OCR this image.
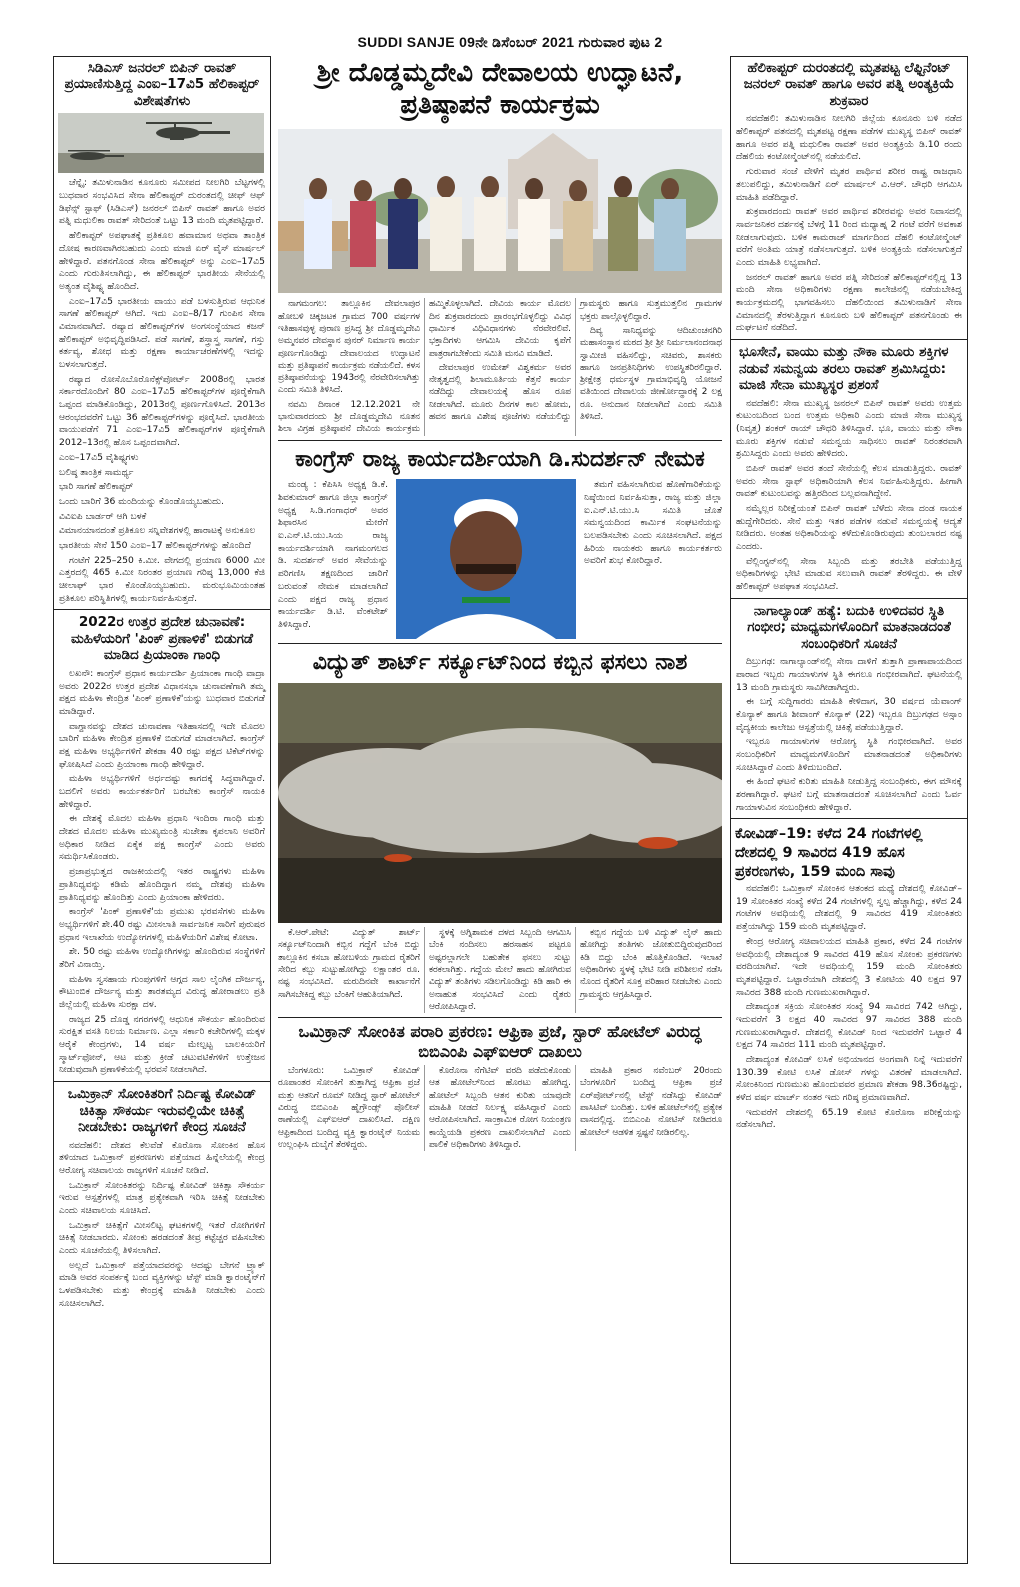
SUDDI SANJE 09ನೇ ಡಿಸೆಂಬರ್ 2021 ಗುರುವಾರ ಪುಟ 2
ಸಿಡಿಎಸ್ ಜನರಲ್ ಬಿಪಿನ್ ರಾವತ್ ಪ್ರಯಾಣಿಸುತ್ತಿದ್ದ ಎಂಐ–17ವಿ5 ಹೆಲಿಕಾಪ್ಟರ್ ವಿಶೇಷತೆಗಳು

ಚೆನ್ನೈ: ತಮಿಳುನಾಡಿನ ಕೂನೂರು ಸಮೀಪದ ನೀಲಗಿರಿ ಬೆಟ್ಟಗಳಲ್ಲಿ ಬುಧವಾರ ಸಂಭವಿಸಿದ ಸೇನಾ ಹೆಲಿಕಾಪ್ಟರ್ ದುರಂತದಲ್ಲಿ ಚೀಫ್ ಆಫ್ ಡಿಫೆನ್ಸ್ ಸ್ಟಾಫ್ (ಸಿಡಿಎಸ್) ಜನರಲ್ ಬಿಪಿನ್ ರಾವತ್ ಹಾಗೂ ಅವರ ಪತ್ನಿ ಮಧುಲಿಕಾ ರಾವತ್ ಸೇರಿದಂತೆ ಒಟ್ಟು 13 ಮಂದಿ ಮೃತಪಟ್ಟಿದ್ದಾರೆ.

ಹೆಲಿಕಾಪ್ಟರ್ ಅಪಘಾತಕ್ಕೆ ಪ್ರತಿಕೂಲ ಹವಾಮಾನ ಅಥವಾ ತಾಂತ್ರಿಕ ದೋಷ ಕಾರಣವಾಗಿರಬಹುದು ಎಂದು ಮಾಜಿ ಏರ್ ವೈಸ್ ಮಾರ್ಷಲ್ ಹೇಳಿದ್ದಾರೆ. ಪತನಗೊಂಡ ಸೇನಾ ಹೆಲಿಕಾಪ್ಟರ್ ಅನ್ನು ಎಂಐ–17ವಿ5 ಎಂದು ಗುರುತಿಸಲಾಗಿದ್ದು, ಈ ಹೆಲಿಕಾಪ್ಟರ್ ಭಾರತೀಯ ಸೇನೆಯಲ್ಲಿ ಅತ್ಯಂತ ವೈಶಿಷ್ಟ್ಯ ಹೊಂದಿದೆ.

ಎಂಐ–17ವಿ5 ಭಾರತೀಯ ವಾಯು ಪಡೆ ಬಳಸುತ್ತಿರುವ ಆಧುನಿಕ ಸಾಗಣೆ ಹೆಲಿಕಾಪ್ಟರ್ ಆಗಿದೆ. ಇದು ಎಂಐ–8/17 ಗುಂಪಿನ ಸೇನಾ ವಿಮಾನವಾಗಿದೆ. ರಷ್ಯಾದ ಹೆಲಿಕಾಪ್ಟರ್‌ಗಳ ಅಂಗಸಂಸ್ಥೆಯಾದ ಕಜನ್ ಹೆಲಿಕಾಪ್ಟರ್ ಅಭಿವೃದ್ಧಿಪಡಿಸಿದೆ. ಪಡೆ ಸಾಗಣೆ, ಶಸ್ತ್ರಾಸ್ತ್ರ ಸಾಗಣೆ, ಗಸ್ತು ಕರ್ತವ್ಯ, ಶೋಧ ಮತ್ತು ರಕ್ಷಣಾ ಕಾರ್ಯಾಚರಣೆಗಳಲ್ಲಿ ಇದನ್ನು ಬಳಸಲಾಗುತ್ತದೆ.

ರಷ್ಯಾದ ರೋಸೊಬೊರೊನೆಕ್ಸ್‌ಪೋರ್ಟ್ 2008ರಲ್ಲಿ ಭಾರತ ಸರ್ಕಾರದೊಂದಿಗೆ 80 ಎಂಐ–17ವಿ5 ಹೆಲಿಕಾಪ್ಟರ್‌ಗಳ ಪೂರೈಕೆಗಾಗಿ ಒಪ್ಪಂದ ಮಾಡಿಕೊಂಡಿದ್ದು, 2013ರಲ್ಲಿ ಪೂರ್ಣಗೊಳಿಸಿದೆ. 2013ರ ಆರಂಭದವರೆಗೆ ಒಟ್ಟು 36 ಹೆಲಿಕಾಪ್ಟರ್‌ಗಳನ್ನು ಪೂರೈಸಿದೆ. ಭಾರತೀಯ ವಾಯುಪಡೆಗೆ 71 ಎಂಐ–17ವಿ5 ಹೆಲಿಕಾಪ್ಟರ್‌ಗಳ ಪೂರೈಕೆಗಾಗಿ 2012–13ರಲ್ಲಿ ಹೊಸ ಒಪ್ಪಂದವಾಗಿದೆ.

ಎಂಐ–17ವಿ5 ವೈಶಿಷ್ಟ್ಯಗಳು

ಬಲಿಷ್ಠ ತಾಂತ್ರಿಕ ಸಾಮರ್ಥ್ಯ

ಭಾರಿ ಸಾಗಣೆ ಹೆಲಿಕಾಪ್ಟರ್

ಒಂದು ಬಾರಿಗೆ 36 ಮಂದಿಯನ್ನು ಕೊಂಡೊಯ್ಯಬಹುದು.

ವಿವಿಐಪಿ ಬಾರ್ಡರ್ ಆಗಿ ಬಳಕೆ

ವಿಮಾನಯಾನದಂತೆ ಪ್ರತಿಕೂಲ ಸನ್ನಿವೇಶಗಳಲ್ಲಿ ಹಾರಾಟಕ್ಕೆ ಅನುಕೂಲ

ಭಾರತೀಯ ಸೇನೆ 150 ಎಂಐ–17 ಹೆಲಿಕಾಪ್ಟರ್‌ಗಳನ್ನು ಹೊಂದಿದೆ

ಗಂಟೆಗೆ 225–250 ಕಿ.ಮೀ. ವೇಗದಲ್ಲಿ ಪ್ರಯಾಣ 6000 ಮೀ ಎತ್ತರದಲ್ಲಿ 465 ಕಿ.ಮೀ ನಿರಂತರ ಪ್ರಯಾಣ ಗರಿಷ್ಠ 13,000 ಕೆಜಿ ಚೀಲಾಘ್ ಭಾರ ಕೊಂಡೊಯ್ಯಬಹುದು. ಮರುಭೂಮಿಯಂತಹ ಪ್ರತಿಕೂಲ ಪರಿಸ್ಥಿತಿಗಳಲ್ಲಿ ಕಾರ್ಯನಿರ್ವಹಿಸುತ್ತದೆ.

2022ರ ಉತ್ತರ ಪ್ರದೇಶ ಚುನಾವಣೆ: ಮಹಿಳೆಯರಿಗೆ 'ಪಿಂಕ್ ಪ್ರಣಾಳಿಕೆ' ಬಿಡುಗಡೆ ಮಾಡಿದ ಪ್ರಿಯಾಂಕಾ ಗಾಂಧಿ

ಲಖನೌ: ಕಾಂಗ್ರೆಸ್ ಪ್ರಧಾನ ಕಾರ್ಯದರ್ಶಿ ಪ್ರಿಯಾಂಕಾ ಗಾಂಧಿ ವಾದ್ರಾ ಅವರು 2022ರ ಉತ್ತರ ಪ್ರದೇಶ ವಿಧಾನಸಭಾ ಚುನಾವಣೆಗಾಗಿ ತಮ್ಮ ಪಕ್ಷದ ಮಹಿಳಾ ಕೇಂದ್ರಿತ 'ಪಿಂಕ್ ಪ್ರಣಾಳಿಕೆ'ಯನ್ನು ಬುಧವಾರ ಬಿಡುಗಡೆ ಮಾಡಿದ್ದಾರೆ.

ವಾಗ್ದಾನವನ್ನು ದೇಶದ ಚುನಾವಣಾ ಇತಿಹಾಸದಲ್ಲಿ ಇದೇ ಮೊದಲ ಬಾರಿಗೆ ಮಹಿಳಾ ಕೇಂದ್ರಿತ ಪ್ರಣಾಳಿಕೆ ಬಿಡುಗಡೆ ಮಾಡಲಾಗಿದೆ. ಕಾಂಗ್ರೆಸ್ ಪಕ್ಷ ಮಹಿಳಾ ಅಭ್ಯರ್ಥಿಗಳಿಗೆ ಶೇಕಡಾ 40 ರಷ್ಟು ಪಕ್ಷದ ಟಿಕೆಟ್‌ಗಳನ್ನು ಘೋಷಿಸಿದೆ ಎಂದು ಪ್ರಿಯಾಂಕಾ ಗಾಂಧಿ ಹೇಳಿದ್ದಾರೆ.

ಮಹಿಳಾ ಅಭ್ಯರ್ಥಿಗಳಿಗೆ ಅರ್ಧದಷ್ಟು ಕಾಗದಕ್ಕೆ ಸಿದ್ಧವಾಗಿದ್ದಾರೆ. ಬದಲಿಗೆ ಅವರು ಕಾರ್ಯಕರ್ತರಿಗೆ ಬರಬೇಕು ಕಾಂಗ್ರೆಸ್ ನಾಯಕಿ ಹೇಳಿದ್ದಾರೆ.

ಈ ದೇಶಕ್ಕೆ ಮೊದಲ ಮಹಿಳಾ ಪ್ರಧಾನಿ ಇಂದಿರಾ ಗಾಂಧಿ ಮತ್ತು ದೇಶದ ಮೊದಲ ಮಹಿಳಾ ಮುಖ್ಯಮಂತ್ರಿ ಸುಚೇತಾ ಕೃಪಲಾನಿ ಅವರಿಗೆ ಅಧಿಕಾರ ನೀಡಿದ ಏಕೈಕ ಪಕ್ಷ ಕಾಂಗ್ರೆಸ್ ಎಂದು ಅವರು ಸಮರ್ಥಿಸಿಕೊಂಡರು.

ಪ್ರಜಾಪ್ರಭುತ್ವದ ರಾಜಕೀಯದಲ್ಲಿ ಇತರ ರಾಷ್ಟ್ರಗಳು ಮಹಿಳಾ ಪ್ರಾತಿನಿಧ್ಯವನ್ನು ಕಡಿಮೆ ಹೊಂದಿದ್ದಾಗ ನಮ್ಮ ದೇಶವು ಮಹಿಳಾ ಪ್ರಾತಿನಿಧ್ಯವನ್ನು ಹೊಂದಿತ್ತು ಎಂದು ಪ್ರಿಯಾಂಕಾ ಹೇಳಿದರು.

ಕಾಂಗ್ರೆಸ್ 'ಪಿಂಕ್ ಪ್ರಣಾಳಿಕೆ'ಯ ಪ್ರಮುಖ ಭರವಸೆಗಳು ಮಹಿಳಾ ಅಭ್ಯರ್ಥಿಗಳಿಗೆ ಶೇ.40 ರಷ್ಟು ಮೀಸಲಾತಿ ಸಾರ್ವಜನಿಕ ಸಾರಿಗೆ ಪುರುಷರ ಪ್ರಧಾನ ಇಲಾಖೆಯ ಉದ್ಯೋಗಗಳಲ್ಲಿ ಮಹಿಳೆಯರಿಗೆ ವಿಶೇಷ ಕೋಟಾ.

ಶೇ. 50 ರಷ್ಟು ಮಹಿಳಾ ಉದ್ಯೋಗಿಗಳನ್ನು ಹೊಂದಿರುವ ಸಂಸ್ಥೆಗಳಿಗೆ ತೆರಿಗೆ ವಿನಾಯ್ತಿ.

ಮಹಿಳಾ ಸ್ವಸಹಾಯ ಗುಂಪುಗಳಿಗೆ ಆಗ್ಗದ ಸಾಲ ಲೈಂಗಿಕ ದೌರ್ಜನ್ಯ, ಕೌಟುಂಬಿಕ ದೌರ್ಜನ್ಯ ಮತ್ತು ತಾರತಮ್ಯದ ವಿರುದ್ಧ ಹೋರಾಡಲು ಪ್ರತಿ ಜಿಲ್ಲೆಯಲ್ಲಿ ಮಹಿಳಾ ಸುರಕ್ಷಾ ದಳ.

ರಾಜ್ಯದ 25 ದೊಡ್ಡ ನಗರಗಳಲ್ಲಿ ಆಧುನಿಕ ಸೌಕರ್ಯ ಹೊಂದಿರುವ ಸುರಕ್ಷಿತ ವಸತಿ ನಿಲಯ ನಿರ್ಮಾಣ. ಎಲ್ಲಾ ಸರ್ಕಾರಿ ಕಚೇರಿಗಳಲ್ಲಿ ಮಕ್ಕಳ ಆರೈಕೆ ಕೇಂದ್ರಗಳು, 14 ವರ್ಷ ಮೇಲ್ಪಟ್ಟ ಬಾಲಕಿಯರಿಗೆ ಸ್ಮಾರ್ಟ್‌ಫೋನ್, ಆಟ ಮತ್ತು ಕ್ರೀಡೆ ಚಟುವಟಿಕೆಗಳಿಗೆ ಉತ್ತೇಜನ ನೀಡುವುದಾಗಿ ಪ್ರಣಾಳಿಕೆಯಲ್ಲಿ ಭರವಸೆ ನೀಡಲಾಗಿದೆ.

ಒಮಿಕ್ರಾನ್ ಸೋಂಕಿತರಿಗೆ ನಿರ್ದಿಷ್ಟ ಕೋವಿಡ್ ಚಿಕಿತ್ಸಾ ಸೌಕರ್ಯ ಇರುವಲ್ಲಿಯೇ ಚಿಕಿತ್ಸೆ ನೀಡಬೇಕು: ರಾಜ್ಯಗಳಿಗೆ ಕೇಂದ್ರ ಸೂಚನೆ

ನವದೆಹಲಿ: ದೇಶದ ಕೆಲವೆಡೆ ಕೊರೊನಾ ಸೋಂಕಿನ ಹೊಸ ತಳಿಯಾದ ಒಮಿಕ್ರಾನ್ ಪ್ರಕರಣಗಳು ಪತ್ತೆಯಾದ ಹಿನ್ನೆಲೆಯಲ್ಲಿ ಕೇಂದ್ರ ಆರೋಗ್ಯ ಸಚಿವಾಲಯ ರಾಜ್ಯಗಳಿಗೆ ಸೂಚನೆ ನೀಡಿದೆ.

ಒಮಿಕ್ರಾನ್ ಸೋಂಕಿತರನ್ನು ನಿರ್ದಿಷ್ಟ ಕೋವಿಡ್ ಚಿಕಿತ್ಸಾ ಸೌಕರ್ಯ ಇರುವ ಆಸ್ಪತ್ರೆಗಳಲ್ಲಿ ಮಾತ್ರ ಪ್ರತ್ಯೇಕವಾಗಿ ಇರಿಸಿ ಚಿಕಿತ್ಸೆ ನೀಡಬೇಕು ಎಂದು ಸಚಿವಾಲಯ ಸೂಚಿಸಿದೆ.

ಒಮಿಕ್ರಾನ್ ಚಿಕಿತ್ಸೆಗೆ ಮೀಸಲಿಟ್ಟ ಘಟಕಗಳಲ್ಲಿ ಇತರೆ ರೋಗಿಗಳಿಗೆ ಚಿಕಿತ್ಸೆ ನೀಡಬಾರದು. ಸೋಂಕು ಹರಡದಂತೆ ತೀವ್ರ ಕಟ್ಟೆಚ್ಚರ ವಹಿಸಬೇಕು ಎಂದು ಸೂಚನೆಯಲ್ಲಿ ತಿಳಿಸಲಾಗಿದೆ.

ಅಲ್ಲದೆ ಒಮಿಕ್ರಾನ್ ಪತ್ತೆಯಾದವರನ್ನು ಆದಷ್ಟು ಬೇಗನೆ ಟ್ರ್ಯಾಕ್ ಮಾಡಿ ಅವರ ಸಂಪರ್ಕಕ್ಕೆ ಬಂದ ವ್ಯಕ್ತಿಗಳನ್ನು ಟೆಸ್ಟ್ ಮಾಡಿ ಕ್ವಾರಂಟೈನ್‌ಗೆ ಒಳಪಡಿಸಬೇಕು ಮತ್ತು ಕೇಂದ್ರಕ್ಕೆ ಮಾಹಿತಿ ನೀಡಬೇಕು ಎಂದು ಸೂಚಿಸಲಾಗಿದೆ.

ಶ್ರೀ ದೊಡ್ಡಮ್ಮದೇವಿ ದೇವಾಲಯ ಉದ್ಘಾಟನೆ, ಪ್ರತಿಷ್ಠಾಪನೆ ಕಾರ್ಯಕ್ರಮ

ನಾಗಮಂಗಲ: ತಾಲ್ಲೂಕಿನ ದೇವಲಾಪುರ ಹೋಬಳಿ ಚಿಕ್ಕಜಟಕ ಗ್ರಾಮದ 700 ವರ್ಷಗಳ ಇತಿಹಾಸವುಳ್ಳ ಪುರಾಣ ಪ್ರಸಿದ್ಧ ಶ್ರೀ ದೊಡ್ಡಮ್ಮದೇವಿ ಅಮ್ಮನವರ ದೇವಸ್ಥಾನ ಪುನರ್ ನಿರ್ಮಾಣ ಕಾರ್ಯ ಪೂರ್ಣಗೊಂಡಿದ್ದು ದೇವಾಲಯದ ಉದ್ಘಾಟನೆ ಮತ್ತು ಪ್ರತಿಷ್ಠಾಪನೆ ಕಾರ್ಯಕ್ರಮ ನಡೆಯಲಿದೆ. ಕಳಸ ಪ್ರತಿಷ್ಠಾಪನೆಯನ್ನು 1943ರಲ್ಲಿ ನೆರವೇರಿಸಲಾಗಿತ್ತು ಎಂದು ಸಮಿತಿ ತಿಳಿಸಿದೆ.

ನವಮಿ ದಿನಾಂಕ 12.12.2021 ನೇ ಭಾನುವಾರದಂದು ಶ್ರೀ ದೊಡ್ಡಮ್ಮದೇವಿ ನೂತನ ಶಿಲಾ ವಿಗ್ರಹ ಪ್ರತಿಷ್ಠಾಪನೆ ದೇವಿಯ ಕಾರ್ಯಕ್ರಮ ಹಮ್ಮಿಕೊಳ್ಳಲಾಗಿದೆ. ದೇವಿಯ ಕಾರ್ಯ ಮೊದಲ ದಿನ ಶುಕ್ರವಾರದಂದು ಪ್ರಾರಂಭಗೊಳ್ಳಲಿದ್ದು ವಿವಿಧ ಧಾರ್ಮಿಕ ವಿಧಿವಿಧಾನಗಳು ನೆರವೇರಲಿವೆ. ಭಕ್ತಾದಿಗಳು ಆಗಮಿಸಿ ದೇವಿಯ ಕೃಪೆಗೆ ಪಾತ್ರರಾಗಬೇಕೆಂದು ಸಮಿತಿ ಮನವಿ ಮಾಡಿದೆ.

ದೇವಲಾಪುರ ಉಮೇಶ್ ವಿಶ್ವಕರ್ಮ ಅವರ ನೇತೃತ್ವದಲ್ಲಿ ಶಿಲಾಮೂರ್ತಿಯ ಕೆತ್ತನೆ ಕಾರ್ಯ ನಡೆದಿದ್ದು ದೇವಾಲಯಕ್ಕೆ ಹೊಸ ರೂಪ ನೀಡಲಾಗಿದೆ. ಮೂರು ದಿನಗಳ ಕಾಲ ಹೋಮ, ಹವನ ಹಾಗೂ ವಿಶೇಷ ಪೂಜೆಗಳು ನಡೆಯಲಿದ್ದು ಗ್ರಾಮಸ್ಥರು ಹಾಗೂ ಸುತ್ತಮುತ್ತಲಿನ ಗ್ರಾಮಗಳ ಭಕ್ತರು ಪಾಲ್ಗೊಳ್ಳಲಿದ್ದಾರೆ.

ದಿವ್ಯ ಸಾನಿಧ್ಯವನ್ನು ಆದಿಚುಂಚನಗಿರಿ ಮಹಾಸಂಸ್ಥಾನ ಮಠದ ಶ್ರೀ ಶ್ರೀ ನಿರ್ಮಲಾನಂದನಾಥ ಸ್ವಾಮೀಜಿ ವಹಿಸಲಿದ್ದು, ಸಚಿವರು, ಶಾಸಕರು ಹಾಗೂ ಜನಪ್ರತಿನಿಧಿಗಳು ಉಪಸ್ಥಿತರಿರಲಿದ್ದಾರೆ. ಶ್ರೀಕ್ಷೇತ್ರ ಧರ್ಮಸ್ಥಳ ಗ್ರಾಮಾಭಿವೃದ್ಧಿ ಯೋಜನೆ ವತಿಯಿಂದ ದೇವಾಲಯ ಜೀರ್ಣೋದ್ಧಾರಕ್ಕೆ 2 ಲಕ್ಷ ರೂ. ಅನುದಾನ ನೀಡಲಾಗಿದೆ ಎಂದು ಸಮಿತಿ ತಿಳಿಸಿದೆ.

ಕಾಂಗ್ರೆಸ್ ರಾಜ್ಯ ಕಾರ್ಯದರ್ಶಿಯಾಗಿ ಡಿ.ಸುದರ್ಶನ್ ನೇಮಕ

ಮಂಡ್ಯ : ಕೆಪಿಸಿಸಿ ಅಧ್ಯಕ್ಷ ಡಿ.ಕೆ. ಶಿವಕುಮಾರ್ ಹಾಗೂ ಜಿಲ್ಲಾ ಕಾಂಗ್ರೆಸ್ ಅಧ್ಯಕ್ಷ ಸಿ.ಡಿ.ಗಂಗಾಧರ್ ಅವರ ಶಿಫಾರಸಿನ ಮೇರೆಗೆ ಐ.ಎನ್.ಟಿ.ಯು.ಸಿಯ ರಾಜ್ಯ ಕಾರ್ಯದರ್ಶಿಯಾಗಿ ನಾಗಮಂಗಲದ ಡಿ. ಸುದರ್ಶನ್ ಅವರ ಸೇವೆಯನ್ನು ಪರಿಗಣಿಸಿ ತಕ್ಷಣದಿಂದ ಜಾರಿಗೆ ಬರುವಂತೆ ನೇಮಕ ಮಾಡಲಾಗಿದೆ ಎಂದು ಪಕ್ಷದ ರಾಜ್ಯ ಪ್ರಧಾನ ಕಾರ್ಯದರ್ಶಿ ಡಿ.ಟಿ. ವೆಂಕಟೇಶ್ ತಿಳಿಸಿದ್ದಾರೆ.

ತಮಗೆ ವಹಿಸಲಾಗಿರುವ ಹೊಣೆಗಾರಿಕೆಯನ್ನು ನಿಷ್ಠೆಯಿಂದ ನಿರ್ವಹಿಸುತ್ತಾ, ರಾಜ್ಯ ಮತ್ತು ಜಿಲ್ಲಾ ಐ.ಎನ್.ಟಿ.ಯು.ಸಿ ಸಮಿತಿ ಜೊತೆ ಸಮನ್ವಯದಿಂದ ಕಾರ್ಮಿಕ ಸಂಘಟನೆಯನ್ನು ಬಲಪಡಿಸಬೇಕು ಎಂದು ಸೂಚಿಸಲಾಗಿದೆ. ಪಕ್ಷದ ಹಿರಿಯ ನಾಯಕರು ಹಾಗೂ ಕಾರ್ಯಕರ್ತರು ಅವರಿಗೆ ಶುಭ ಕೋರಿದ್ದಾರೆ.

ವಿದ್ಯುತ್ ಶಾರ್ಟ್ ಸರ್ಕ್ಯೂಟ್‌ನಿಂದ ಕಬ್ಬಿನ ಫಸಲು ನಾಶ

ಕೆ.ಆರ್.ಪೇಟೆ: ವಿದ್ಯುತ್ ಶಾರ್ಟ್ ಸರ್ಕ್ಯೂಟ್‌ನಿಂದಾಗಿ ಕಬ್ಬಿನ ಗದ್ದೆಗೆ ಬೆಂಕಿ ಬಿದ್ದು ತಾಲ್ಲೂಕಿನ ಕಸಬಾ ಹೋಬಳಿಯ ಗ್ರಾಮದ ರೈತರಿಗೆ ಸೇರಿದ ಕಬ್ಬು ಸುಟ್ಟುಹೋಗಿದ್ದು ಲಕ್ಷಾಂತರ ರೂ. ನಷ್ಟ ಸಂಭವಿಸಿದೆ. ಮರುದಿನವೇ ಕಾರ್ಖಾನೆಗೆ ಸಾಗಿಸಬೇಕಿದ್ದ ಕಬ್ಬು ಬೆಂಕಿಗೆ ಆಹುತಿಯಾಗಿದೆ.

ಸ್ಥಳಕ್ಕೆ ಅಗ್ನಿಶಾಮಕ ದಳದ ಸಿಬ್ಬಂದಿ ಆಗಮಿಸಿ ಬೆಂಕಿ ನಂದಿಸಲು ಹರಸಾಹಸ ಪಟ್ಟರೂ ಅಷ್ಟರಲ್ಲಾಗಲೇ ಬಹುತೇಕ ಫಸಲು ಸುಟ್ಟು ಕರಕಲಾಗಿತ್ತು. ಗದ್ದೆಯ ಮೇಲೆ ಹಾದು ಹೋಗಿರುವ ವಿದ್ಯುತ್ ತಂತಿಗಳು ಸಡಿಲಗೊಂಡಿದ್ದು ಕಿಡಿ ಹಾರಿ ಈ ಅನಾಹುತ ಸಂಭವಿಸಿದೆ ಎಂದು ರೈತರು ಆರೋಪಿಸಿದ್ದಾರೆ.

ಕಬ್ಬಿನ ಗದ್ದೆಯ ಬಳಿ ವಿದ್ಯುತ್ ಲೈನ್ ಹಾದು ಹೋಗಿದ್ದು ತಂತಿಗಳು ಜೋತುಬಿದ್ದಿರುವುದರಿಂದ ಕಿಡಿ ಬಿದ್ದು ಬೆಂಕಿ ಹೊತ್ತಿಕೊಂಡಿದೆ. ಇಲಾಖೆ ಅಧಿಕಾರಿಗಳು ಸ್ಥಳಕ್ಕೆ ಭೇಟಿ ನೀಡಿ ಪರಿಶೀಲನೆ ನಡೆಸಿ ನೊಂದ ರೈತರಿಗೆ ಸೂಕ್ತ ಪರಿಹಾರ ನೀಡಬೇಕು ಎಂದು ಗ್ರಾಮಸ್ಥರು ಆಗ್ರಹಿಸಿದ್ದಾರೆ.

ಒಮಿಕ್ರಾನ್ ಸೋಂಕಿತ ಪರಾರಿ ಪ್ರಕರಣ: ಆಫ್ರಿಕಾ ಪ್ರಜೆ, ಸ್ಟಾರ್ ಹೋಟೆಲ್ ವಿರುದ್ಧ ಬಿಬಿಎಂಪಿ ಎಫ್‌ಐಆರ್ ದಾಖಲು

ಬೆಂಗಳೂರು: ಒಮಿಕ್ರಾನ್ ಕೋವಿಡ್ ರೂಪಾಂತರ ಸೋಂಕಿಗೆ ತುತ್ತಾಗಿದ್ದ ಆಫ್ರಿಕಾ ಪ್ರಜೆ ಮತ್ತು ಆತನಿಗೆ ರೂಮ್ ನೀಡಿದ್ದ ಸ್ಟಾರ್ ಹೋಟೆಲ್ ವಿರುದ್ಧ ಬಿಬಿಎಂಪಿ ಹೈಗ್ರೌಂಡ್ಸ್ ಪೊಲೀಸ್ ಠಾಣೆಯಲ್ಲಿ ಎಫ್‌ಐಆರ್ ದಾಖಲಿಸಿದೆ. ದಕ್ಷಿಣ ಆಫ್ರಿಕಾದಿಂದ ಬಂದಿದ್ದ ವ್ಯಕ್ತಿ ಕ್ವಾರಂಟೈನ್ ನಿಯಮ ಉಲ್ಲಂಘಿಸಿ ದುಬೈಗೆ ತೆರಳಿದ್ದರು.

ಕೊರೊನಾ ನೆಗೆಟಿವ್ ವರದಿ ಪಡೆದುಕೊಂಡು ಆತ ಹೋಟೆಲ್‌ನಿಂದ ಹೊರಟು ಹೋಗಿದ್ದ. ಹೋಟೆಲ್ ಸಿಬ್ಬಂದಿ ಆತನ ಕುರಿತು ಯಾವುದೇ ಮಾಹಿತಿ ನೀಡದೆ ನಿರ್ಲಕ್ಷ್ಯ ವಹಿಸಿದ್ದಾರೆ ಎಂದು ಆರೋಪಿಸಲಾಗಿದೆ. ಸಾಂಕ್ರಾಮಿಕ ರೋಗ ನಿಯಂತ್ರಣ ಕಾಯ್ದೆಯಡಿ ಪ್ರಕರಣ ದಾಖಲಿಸಲಾಗಿದೆ ಎಂದು ಪಾಲಿಕೆ ಅಧಿಕಾರಿಗಳು ತಿಳಿಸಿದ್ದಾರೆ.

ಮಾಹಿತಿ ಪ್ರಕಾರ ನವೆಂಬರ್ 20ರಂದು ಬೆಂಗಳೂರಿಗೆ ಬಂದಿದ್ದ ಆಫ್ರಿಕಾ ಪ್ರಜೆ ಏರ್‌ಪೋರ್ಟ್‌ನಲ್ಲಿ ಟೆಸ್ಟ್ ನಡೆಸಿದ್ದು ಕೋವಿಡ್ ಪಾಸಿಟಿವ್ ಬಂದಿತ್ತು. ಬಳಿಕ ಹೋಟೆಲ್‌ನಲ್ಲಿ ಪ್ರತ್ಯೇಕ ವಾಸದಲ್ಲಿದ್ದ. ಬಿಬಿಎಂಪಿ ನೋಟಿಸ್ ನೀಡಿದರೂ ಹೋಟೆಲ್ ಆಡಳಿತ ಸ್ಪಷ್ಟನೆ ನೀಡಿರಲಿಲ್ಲ.

ಹೆಲಿಕಾಪ್ಟರ್ ದುರಂತದಲ್ಲಿ ಮೃತಪಟ್ಟ ಲೆಫ್ಟಿನೆಂಟ್ ಜನರಲ್ ರಾವತ್ ಹಾಗೂ ಅವರ ಪತ್ನಿ ಅಂತ್ಯಕ್ರಿಯೆ ಶುಕ್ರವಾರ

ನವದೆಹಲಿ: ತಮಿಳುನಾಡಿನ ನೀಲಗಿರಿ ಜಿಲ್ಲೆಯ ಕೂನೂರು ಬಳಿ ನಡೆದ ಹೆಲಿಕಾಪ್ಟರ್ ಪತನದಲ್ಲಿ ಮೃತಪಟ್ಟ ರಕ್ಷಣಾ ಪಡೆಗಳ ಮುಖ್ಯಸ್ಥ ಬಿಪಿನ್ ರಾವತ್ ಹಾಗೂ ಅವರ ಪತ್ನಿ ಮಧುಲಿಕಾ ರಾವತ್ ಅವರ ಅಂತ್ಯಕ್ರಿಯೆ ಡಿ.10 ರಂದು ದೆಹಲಿಯ ಕಂಟೋನ್ಮೆಂಟ್‌ನಲ್ಲಿ ನಡೆಯಲಿದೆ.

ಗುರುವಾರ ಸಂಜೆ ವೇಳೆಗೆ ಮೃತರ ಪಾರ್ಥಿವ ಶರೀರ ರಾಷ್ಟ್ರ ರಾಜಧಾನಿ ತಲುಪಲಿದ್ದು, ತಮಿಳುನಾಡಿಗೆ ಏರ್ ಮಾರ್ಷಲ್ ವಿ.ಆರ್. ಚೌಧರಿ ಆಗಮಿಸಿ ಮಾಹಿತಿ ಪಡೆದಿದ್ದಾರೆ.

ಶುಕ್ರವಾರದಂದು ರಾವತ್ ಅವರ ಪಾರ್ಥಿವ ಶರೀರವನ್ನು ಅವರ ನಿವಾಸದಲ್ಲಿ ಸಾರ್ವಜನಿಕರ ದರ್ಶನಕ್ಕೆ ಬೆಳಗ್ಗೆ 11 ರಿಂದ ಮಧ್ಯಾಹ್ನ 2 ಗಂಟೆ ವರೆಗೆ ಅವಕಾಶ ನೀಡಲಾಗುವುದು. ಬಳಿಕ ಕಾಮರಾಜ್ ಮಾರ್ಗದಿಂದ ದೆಹಲಿ ಕಂಟೋನ್ಮೆಂಟ್ ವರೆಗೆ ಅಂತಿಮ ಯಾತ್ರೆ ನಡೆಸಲಾಗುತ್ತದೆ. ಬಳಿಕ ಅಂತ್ಯಕ್ರಿಯೆ ನಡೆಸಲಾಗುತ್ತದೆ ಎಂದು ಮಾಹಿತಿ ಲಭ್ಯವಾಗಿದೆ.

ಜನರಲ್ ರಾವತ್ ಹಾಗೂ ಅವರ ಪತ್ನಿ ಸೇರಿದಂತೆ ಹೆಲಿಕಾಪ್ಟರ್‌ನಲ್ಲಿದ್ದ 13 ಮಂದಿ ಸೇನಾ ಅಧಿಕಾರಿಗಳು ರಕ್ಷಣಾ ಕಾಲೇಜಿನಲ್ಲಿ ನಡೆಯಬೇಕಿದ್ದ ಕಾರ್ಯಕ್ರಮದಲ್ಲಿ ಭಾಗವಹಿಸಲು ದೆಹಲಿಯಿಂದ ತಮಿಳುನಾಡಿಗೆ ಸೇನಾ ವಿಮಾನದಲ್ಲಿ ತೆರಳುತ್ತಿದ್ದಾಗ ಕೂನೂರು ಬಳಿ ಹೆಲಿಕಾಪ್ಟರ್ ಪತನಗೊಂಡು ಈ ದುರ್ಘಟನೆ ನಡೆದಿದೆ.

ಭೂಸೇನೆ, ವಾಯು ಮತ್ತು ನೌಕಾ ಮೂರು ಶಕ್ತಿಗಳ ನಡುವೆ ಸಮನ್ವಯ ತರಲು ರಾವತ್ ಶ್ರಮಿಸಿದ್ದರು: ಮಾಜಿ ಸೇನಾ ಮುಖ್ಯಸ್ಥರ ಪ್ರಶಂಸೆ

ನವದೆಹಲಿ: ಸೇನಾ ಮುಖ್ಯಸ್ಥ ಜನರಲ್ ಬಿಪಿನ್ ರಾವತ್ ಅವರು ಉತ್ತಮ ಕುಟುಂಬದಿಂದ ಬಂದ ಉತ್ತಮ ಅಧಿಕಾರಿ ಎಂದು ಮಾಜಿ ಸೇನಾ ಮುಖ್ಯಸ್ಥ (ನಿವೃತ್ತ) ಶಂಕರ್ ರಾಯ್ ಚೌಧರಿ ತಿಳಿಸಿದ್ದಾರೆ. ಭೂ, ವಾಯು ಮತ್ತು ನೌಕಾ ಮೂರು ಶಕ್ತಿಗಳ ನಡುವೆ ಸಮನ್ವಯ ಸಾಧಿಸಲು ರಾವತ್ ನಿರಂತರವಾಗಿ ಶ್ರಮಿಸಿದ್ದರು ಎಂದು ಅವರು ಹೇಳಿದರು.

ಬಿಪಿನ್ ರಾವತ್ ಅವರ ತಂದೆ ಸೇನೆಯಲ್ಲಿ ಕೆಲಸ ಮಾಡುತ್ತಿದ್ದರು. ರಾವತ್ ಅವರು ಸೇನಾ ಸ್ಟಾಫ್ ಅಧಿಕಾರಿಯಾಗಿ ಕೆಲಸ ನಿರ್ವಹಿಸುತ್ತಿದ್ದರು. ಹೀಗಾಗಿ ರಾವತ್ ಕುಟುಂಬವನ್ನು ಹತ್ತಿರದಿಂದ ಬಲ್ಲವನಾಗಿದ್ದೇನೆ.

ನಮ್ಮೆಲ್ಲರ ನಿರೀಕ್ಷೆಯಂತೆ ಬಿಪಿನ್ ರಾವತ್ ಬೆಳೆದು ಸೇನಾ ದಂಡ ನಾಯಕ ಹುದ್ದೆಗೇರಿದರು. ಸೇನೆ ಮತ್ತು ಇತರ ಪಡೆಗಳ ನಡುವೆ ಸಮನ್ವಯಕ್ಕೆ ಆದ್ಯತೆ ನೀಡಿದರು. ಅಂತಹ ಅಧಿಕಾರಿಯನ್ನು ಕಳೆದುಕೊಂಡಿರುವುದು ತುಂಬಲಾರದ ನಷ್ಟ ಎಂದರು.

ವೆಲ್ಲಿಂಗ್ಟನ್‌ನಲ್ಲಿ ಸೇನಾ ಸಿಬ್ಬಂದಿ ಮತ್ತು ತರಬೇತಿ ಪಡೆಯುತ್ತಿದ್ದ ಅಧಿಕಾರಿಗಳನ್ನು ಭೇಟಿ ಮಾಡುವ ಸಲುವಾಗಿ ರಾವತ್ ತೆರಳಿದ್ದರು. ಈ ವೇಳೆ ಹೆಲಿಕಾಪ್ಟರ್ ಅಪಘಾತ ಸಂಭವಿಸಿದೆ.

ನಾಗಾಲ್ಯಾಂಡ್ ಹತ್ಯೆ: ಬದುಕಿ ಉಳಿದವರ ಸ್ಥಿತಿ ಗಂಭೀರ; ಮಾಧ್ಯಮಗಳೊಂದಿಗೆ ಮಾತನಾಡದಂತೆ ಸಂಬಂಧಿಕರಿಗೆ ಸೂಚನೆ

ದಿಬ್ರುಗಢ: ನಾಗಾಲ್ಯಾಂಡ್‌ನಲ್ಲಿ ಸೇನಾ ದಾಳಿಗೆ ತುತ್ತಾಗಿ ಪ್ರಾಣಾಪಾಯದಿಂದ ಪಾರಾದ ಇಬ್ಬರು ಗಾಯಾಳುಗಳ ಸ್ಥಿತಿ ಈಗಲೂ ಗಂಭೀರವಾಗಿದೆ. ಘಟನೆಯಲ್ಲಿ 13 ಮಂದಿ ಗ್ರಾಮಸ್ಥರು ಸಾವಿಗೀಡಾಗಿದ್ದರು.

ಈ ಬಗ್ಗೆ ಸುದ್ದಿಗಾರರು ಮಾಹಿತಿ ಕೇಳಿದಾಗ, 30 ವರ್ಷದ ಯೆವಾಂಗ್ ಕೊನ್ಯಾಕ್ ಹಾಗೂ ಶೀವಾಂಗ್ ಕೊನ್ಯಾಕ್ (22) ಇಬ್ಬರೂ ದಿಬ್ರುಗಢದ ಅಸ್ಸಾಂ ವೈದ್ಯಕೀಯ ಕಾಲೇಜು ಆಸ್ಪತ್ರೆಯಲ್ಲಿ ಚಿಕಿತ್ಸೆ ಪಡೆಯುತ್ತಿದ್ದಾರೆ.

ಇಬ್ಬರೂ ಗಾಯಾಳುಗಳ ಆರೋಗ್ಯ ಸ್ಥಿತಿ ಗಂಭೀರವಾಗಿದೆ. ಅವರ ಸಂಬಂಧಿಕರಿಗೆ ಮಾಧ್ಯಮಗಳೊಂದಿಗೆ ಮಾತನಾಡದಂತೆ ಅಧಿಕಾರಿಗಳು ಸೂಚಿಸಿದ್ದಾರೆ ಎಂದು ತಿಳಿದುಬಂದಿದೆ.

ಈ ಹಿಂದೆ ಘಟನೆ ಕುರಿತು ಮಾಹಿತಿ ನೀಡುತ್ತಿದ್ದ ಸಂಬಂಧಿಕರು, ಈಗ ಮೌನಕ್ಕೆ ಶರಣಾಗಿದ್ದಾರೆ. ಘಟನೆ ಬಗ್ಗೆ ಮಾತನಾಡದಂತೆ ಸೂಚಿಸಲಾಗಿದೆ ಎಂದು ಓರ್ವ ಗಾಯಾಳುವಿನ ಸಂಬಂಧಿಕರು ಹೇಳಿದ್ದಾರೆ.

ಕೋವಿಡ್–19: ಕಳೆದ 24 ಗಂಟೆಗಳಲ್ಲಿ ದೇಶದಲ್ಲಿ 9 ಸಾವಿರದ 419 ಹೊಸ ಪ್ರಕರಣಗಳು, 159 ಮಂದಿ ಸಾವು

ನವದೆಹಲಿ: ಒಮಿಕ್ರಾನ್ ಸೋಂಕಿನ ಆತಂಕದ ಮಧ್ಯೆ ದೇಶದಲ್ಲಿ ಕೋವಿಡ್–19 ಸೋಂಕಿತರ ಸಂಖ್ಯೆ ಕಳೆದ 24 ಗಂಟೆಗಳಲ್ಲಿ ಸ್ವಲ್ಪ ಹೆಚ್ಚಾಗಿದ್ದು, ಕಳೆದ 24 ಗಂಟೆಗಳ ಅವಧಿಯಲ್ಲಿ ದೇಶದಲ್ಲಿ 9 ಸಾವಿರದ 419 ಸೋಂಕಿತರು ಪತ್ತೆಯಾಗಿದ್ದು 159 ಮಂದಿ ಮೃತಪಟ್ಟಿದ್ದಾರೆ.

ಕೇಂದ್ರ ಆರೋಗ್ಯ ಸಚಿವಾಲಯದ ಮಾಹಿತಿ ಪ್ರಕಾರ, ಕಳೆದ 24 ಗಂಟೆಗಳ ಅವಧಿಯಲ್ಲಿ ದೇಶಾದ್ಯಂತ 9 ಸಾವಿರದ 419 ಹೊಸ ಸೋಂಕು ಪ್ರಕರಣಗಳು ವರದಿಯಾಗಿವೆ. ಇದೇ ಅವಧಿಯಲ್ಲಿ 159 ಮಂದಿ ಸೋಂಕಿತರು ಮೃತಪಟ್ಟಿದ್ದಾರೆ. ಒಟ್ಟಾರೆಯಾಗಿ ದೇಶದಲ್ಲಿ 3 ಕೋಟಿಯ 40 ಲಕ್ಷದ 97 ಸಾವಿರದ 388 ಮಂದಿ ಗುಣಮುಖರಾಗಿದ್ದಾರೆ.

ದೇಶಾದ್ಯಂತ ಸಕ್ರಿಯ ಸೋಂಕಿತರ ಸಂಖ್ಯೆ 94 ಸಾವಿರದ 742 ಆಗಿದ್ದು, ಇದುವರೆಗೆ 3 ಲಕ್ಷದ 40 ಸಾವಿರದ 97 ಸಾವಿರದ 388 ಮಂದಿ ಗುಣಮುಖರಾಗಿದ್ದಾರೆ. ದೇಶದಲ್ಲಿ ಕೋವಿಡ್ ನಿಂದ ಇದುವರೆಗೆ ಒಟ್ಟಾರೆ 4 ಲಕ್ಷದ 74 ಸಾವಿರದ 111 ಮಂದಿ ಮೃತಪಟ್ಟಿದ್ದಾರೆ.

ದೇಶಾದ್ಯಂತ ಕೋವಿಡ್ ಲಸಿಕೆ ಅಭಿಯಾನದ ಅಂಗವಾಗಿ ನಿನ್ನೆ ಇದುವರೆಗೆ 130.39 ಕೋಟಿ ಲಸಿಕೆ ಡೋಸ್ ಗಳನ್ನು ವಿತರಣೆ ಮಾಡಲಾಗಿದೆ. ಸೋಂಕಿನಿಂದ ಗುಣಮುಖ ಹೊಂದುವವರ ಪ್ರಮಾಣ ಶೇಕಡಾ 98.36ರಷ್ಟಿದ್ದು, ಕಳೆದ ವರ್ಷ ಮಾರ್ಚ್ ನಂತರ ಇದು ಗರಿಷ್ಠ ಪ್ರಮಾಣವಾಗಿದೆ.

ಇದುವರೆಗೆ ದೇಶದಲ್ಲಿ 65.19 ಕೋಟಿ ಕೊರೊನಾ ಪರೀಕ್ಷೆಯನ್ನು ನಡೆಸಲಾಗಿದೆ.
